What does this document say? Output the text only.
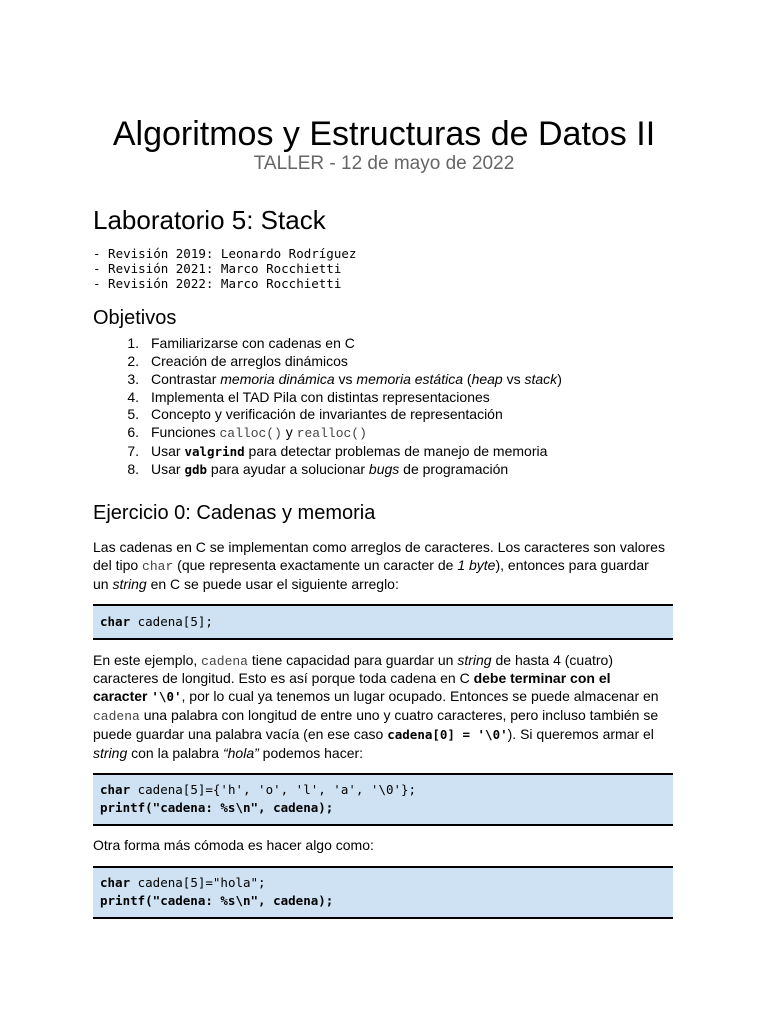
Algoritmos y Estructuras de Datos II
TALLER - 12 de mayo de 2022
Laboratorio 5: Stack
- Revisión 2019: Leonardo Rodríguez
- Revisión 2021: Marco Rocchietti
- Revisión 2022: Marco Rocchietti
Objetivos
1. Familiarizarse con cadenas en C
2. Creación de arreglos dinámicos
3. Contrastar memoria dinámica vs memoria estática (heap vs stack)
4. Implementa el TAD Pila con distintas representaciones
5. Concepto y verificación de invariantes de representación
6. Funciones calloc() y realloc()
7. Usar valgrind para detectar problemas de manejo de memoria
8. Usar gdb para ayudar a solucionar bugs de programación
Ejercicio 0: Cadenas y memoria
Las cadenas en C se implementan como arreglos de caracteres. Los caracteres son valores
del tipo char (que representa exactamente un caracter de 1 byte), entonces para guardar
un string en C se puede usar el siguiente arreglo:
char cadena[5];
En este ejemplo, cadena tiene capacidad para guardar un string de hasta 4 (cuatro)
caracteres de longitud. Esto es así porque toda cadena en C debe terminar con el
caracter '\0', por lo cual ya tenemos un lugar ocupado. Entonces se puede almacenar en
cadena una palabra con longitud de entre uno y cuatro caracteres, pero incluso también se
puede guardar una palabra vacía (en ese caso cadena[0] = '\0'). Si queremos armar el
string con la palabra “hola” podemos hacer:
char cadena[5]={'h', 'o', 'l', 'a', '\0'};
printf("cadena: %s\n", cadena);
Otra forma más cómoda es hacer algo como:
char cadena[5]="hola";
printf("cadena: %s\n", cadena);
